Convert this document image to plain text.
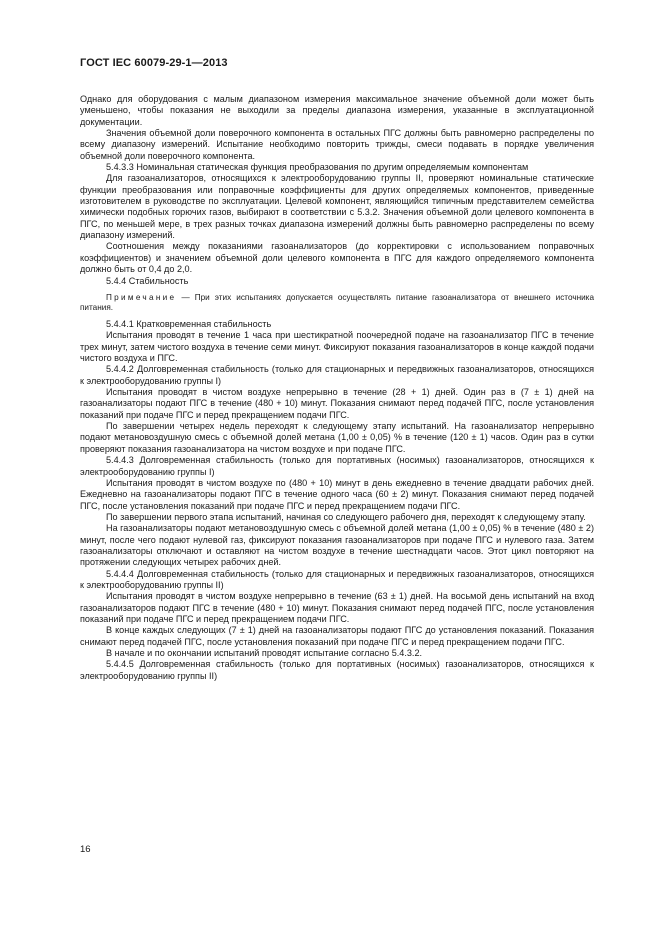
ГОСТ IEC 60079-29-1—2013

Однако для оборудования с малым диапазоном измерения максимальное значение объемной доли может быть уменьшено, чтобы показания не выходили за пределы диапазона измерения, указанные в эксплуатационной документации.

Значения объемной доли поверочного компонента в остальных ПГС должны быть равномерно распределены по всему диапазону измерений. Испытание необходимо повторить трижды, смеси подавать в порядке увеличения объемной доли поверочного компонента.

5.4.3.3 Номинальная статическая функция преобразования по другим определяемым компонентам

Для газоанализаторов, относящихся к электрооборудованию группы II, проверяют номинальные статические функции преобразования или поправочные коэффициенты для других определяемых компонентов, приведенные изготовителем в руководстве по эксплуатации. Целевой компонент, являющийся типичным представителем семейства химически подобных горючих газов, выбирают в соответствии с 5.3.2. Значения объемной доли целевого компонента в ПГС, по меньшей мере, в трех разных точках диапазона измерений должны быть равномерно распределены по всему диапазону измерений.

Соотношения между показаниями газоанализаторов (до корректировки с использованием поправочных коэффициентов) и значением объемной доли целевого компонента в ПГС для каждого определяемого компонента должно быть от 0,4 до 2,0.

5.4.4 Стабильность

Примечание — При этих испытаниях допускается осуществлять питание газоанализатора от внешнего источника питания.

5.4.4.1 Кратковременная стабильность

Испытания проводят в течение 1 часа при шестикратной поочередной подаче на газоанализатор ПГС в течение трех минут, затем чистого воздуха в течение семи минут. Фиксируют показания газоанализаторов в конце каждой подачи чистого воздуха и ПГС.

5.4.4.2 Долговременная стабильность (только для стационарных и передвижных газоанализаторов, относящихся к электрооборудованию группы I)

Испытания проводят в чистом воздухе непрерывно в течение (28 + 1) дней. Один раз в (7 ± 1) дней на газоанализаторы подают ПГС в течение (480 + 10) минут. Показания снимают перед подачей ПГС, после установления показаний при подаче ПГС и перед прекращением подачи ПГС.

По завершении четырех недель переходят к следующему этапу испытаний. На газоанализатор непрерывно подают метановоздушную смесь с объемной долей метана (1,00 ± 0,05) % в течение (120 ± 1) часов. Один раз в сутки проверяют показания газоанализатора на чистом воздухе и при подаче ПГС.

5.4.4.3 Долговременная стабильность (только для портативных (носимых) газоанализаторов, относящихся к электрооборудованию группы I)

Испытания проводят в чистом воздухе по (480 + 10) минут в день ежедневно в течение двадцати рабочих дней. Ежедневно на газоанализаторы подают ПГС в течение одного часа (60 ± 2) минут. Показания снимают перед подачей ПГС, после установления показаний при подаче ПГС и перед прекращением подачи ПГС.

По завершении первого этапа испытаний, начиная со следующего рабочего дня, переходят к следующему этапу.

На газоанализаторы подают метановоздушную смесь с объемной долей метана (1,00 ± 0,05) % в течение (480 ± 2) минут, после чего подают нулевой газ, фиксируют показания газоанализаторов при подаче ПГС и нулевого газа. Затем газоанализаторы отключают и оставляют на чистом воздухе в течение шестнадцати часов. Этот цикл повторяют на протяжении следующих четырех рабочих дней.

5.4.4.4 Долговременная стабильность (только для стационарных и передвижных газоанализаторов, относящихся к электрооборудованию группы II)

Испытания проводят в чистом воздухе непрерывно в течение (63 ± 1) дней. На восьмой день испытаний на вход газоанализаторов подают ПГС в течение (480 + 10) минут. Показания снимают перед подачей ПГС, после установления показаний при подаче ПГС и перед прекращением подачи ПГС.

В конце каждых следующих (7 ± 1) дней на газоанализаторы подают ПГС до установления показаний. Показания снимают перед подачей ПГС, после установления показаний при подаче ПГС и перед прекращением подачи ПГС.

В начале и по окончании испытаний проводят испытание согласно 5.4.3.2.

5.4.4.5 Долговременная стабильность (только для портативных (носимых) газоанализаторов, относящихся к электрооборудованию группы II)

16
